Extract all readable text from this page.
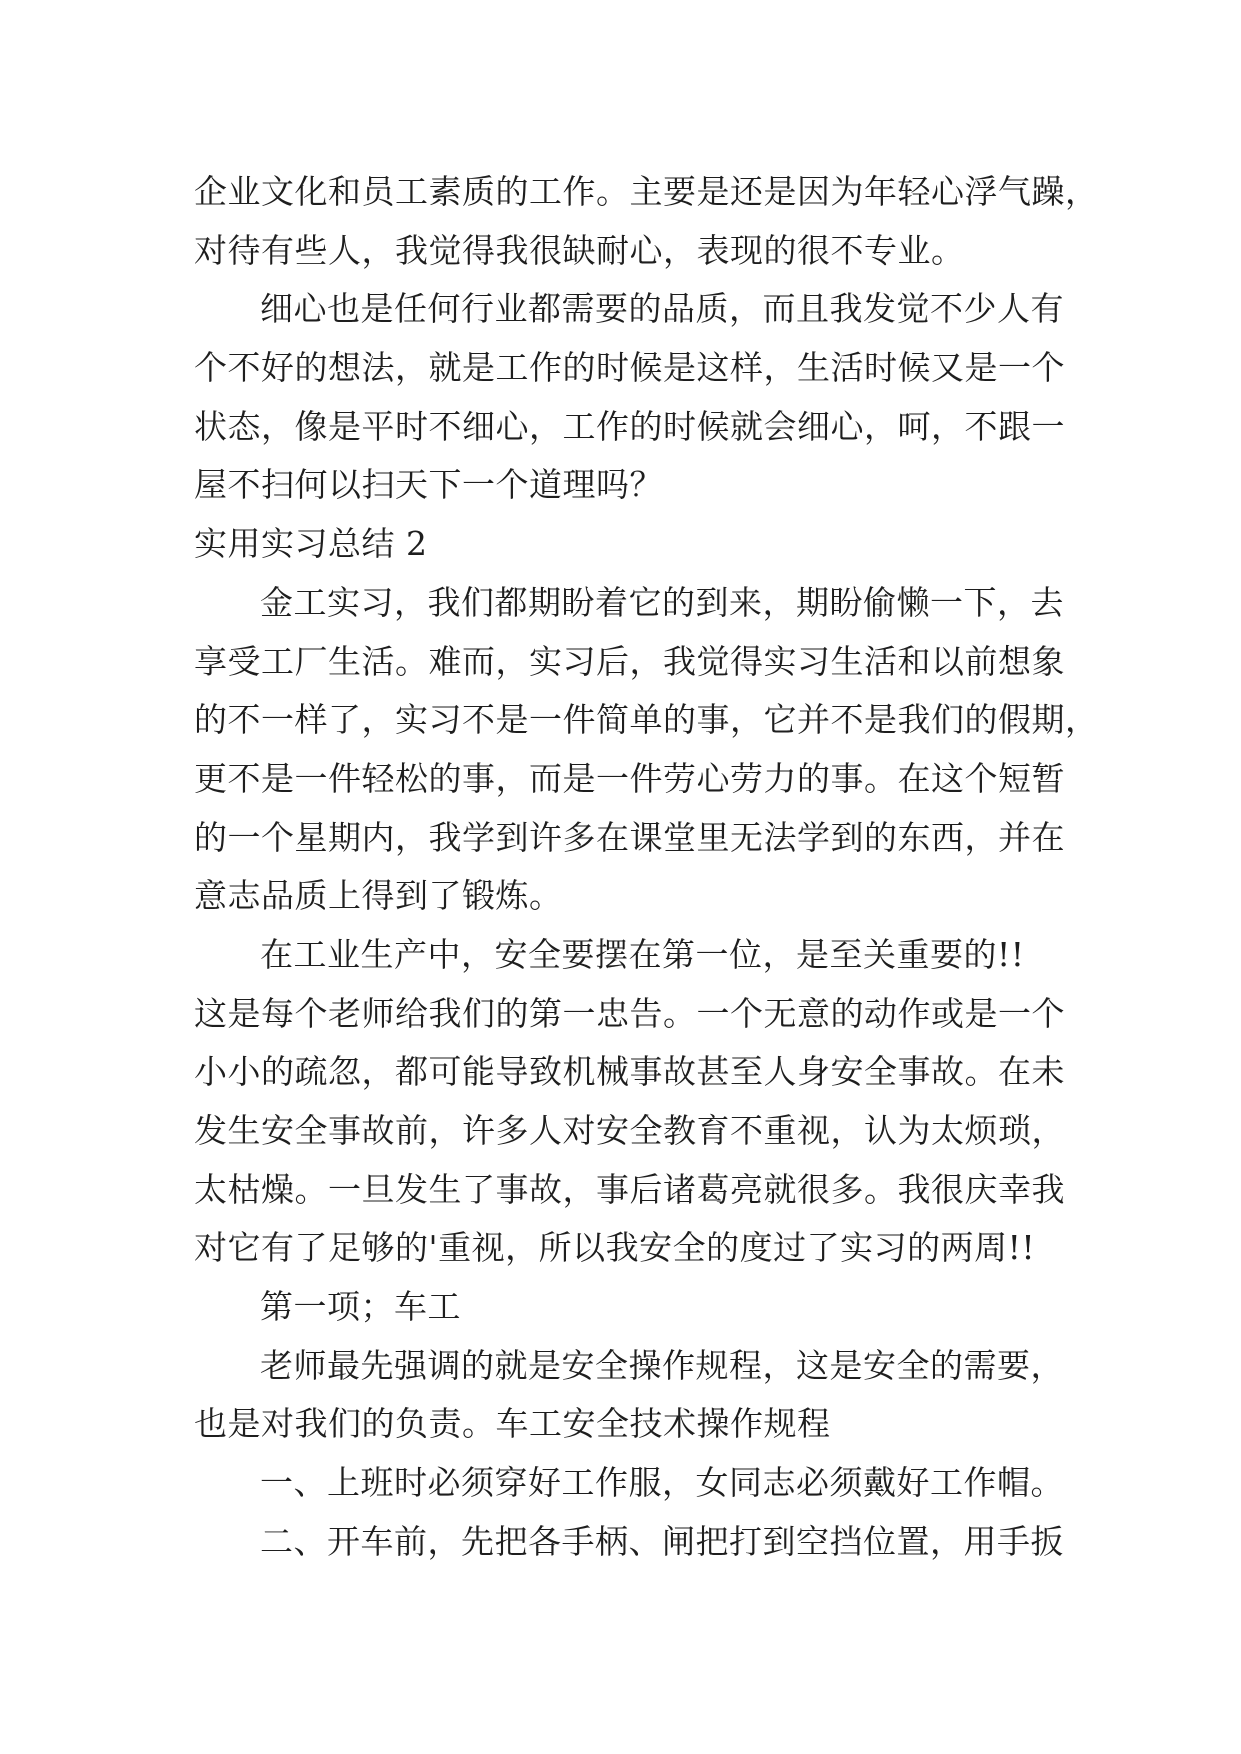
企业文化和员工素质的工作。主要是还是因为年轻心浮气躁，
对待有些人，我觉得我很缺耐心，表现的很不专业。
细心也是任何行业都需要的品质，而且我发觉不少人有
个不好的想法，就是工作的时候是这样，生活时候又是一个
状态，像是平时不细心，工作的时候就会细心，呵，不跟一
屋不扫何以扫天下一个道理吗？
实用实习总结 2
金工实习，我们都期盼着它的到来，期盼偷懒一下，去
享受工厂生活。难而，实习后，我觉得实习生活和以前想象
的不一样了，实习不是一件简单的事，它并不是我们的假期，
更不是一件轻松的事，而是一件劳心劳力的事。在这个短暂
的一个星期内，我学到许多在课堂里无法学到的东西，并在
意志品质上得到了锻炼。
在工业生产中，安全要摆在第一位，是至关重要的!!
这是每个老师给我们的第一忠告。一个无意的动作或是一个
小小的疏忽，都可能导致机械事故甚至人身安全事故。在未
发生安全事故前，许多人对安全教育不重视，认为太烦琐，
太枯燥。一旦发生了事故，事后诸葛亮就很多。我很庆幸我
对它有了足够的'重视，所以我安全的度过了实习的两周!!
第一项；车工
老师最先强调的就是安全操作规程，这是安全的需要，
也是对我们的负责。车工安全技术操作规程
一、上班时必须穿好工作服，女同志必须戴好工作帽。
二、开车前，先把各手柄、闸把打到空挡位置，用手扳
